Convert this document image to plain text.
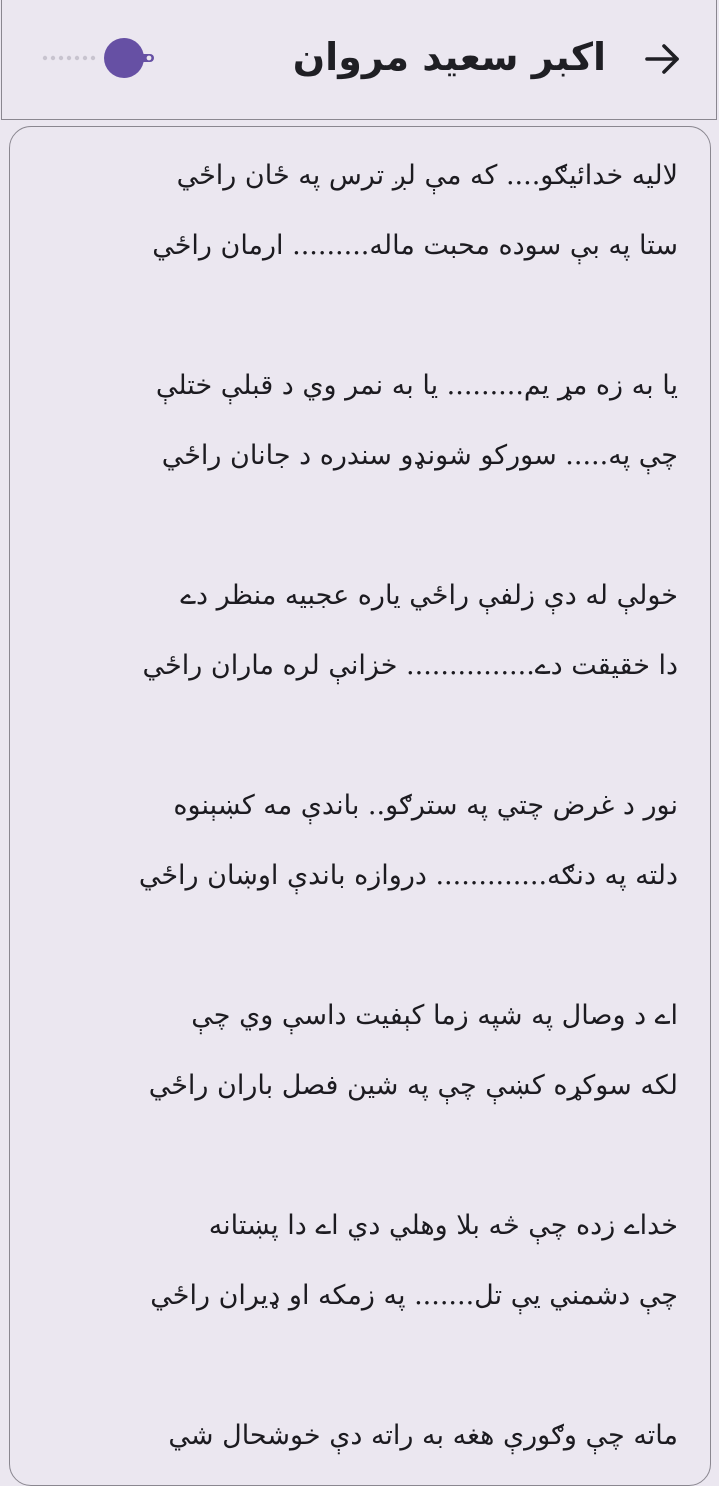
اکبر سعید مروان
لالیه خدائیګو.... که مې لږ ترس په ځان راځي
ستا په بې سوده محبت ماله......... ارمان راځي
یا به زه مړ یم......... یا به نمر وي د قبلې ختلې
چې په..... سورکو شونډو سندره د جانان راځي
خولې له دې زلفې راځي یاره عجبیه منظر دے
دا خقیقت دے............... خزانې لره ماران راځي
نور د غرض چتي په سترګو.. باندې مه کښېنوه
دلته په دنګه............. دروازه باندې اوښان راځي
اے د وصال په شپه زما کېفیت داسې وي چې
لکه سوکړه کښې چې په شین فصل باران راځي
خداے زده چې څه بلا وهلي دي اے دا پښتانه
چې دشمني یې تل....... په زمکه او ډیران راځي
ماته چې وګورې هغه به راته دې خوشحال شي
